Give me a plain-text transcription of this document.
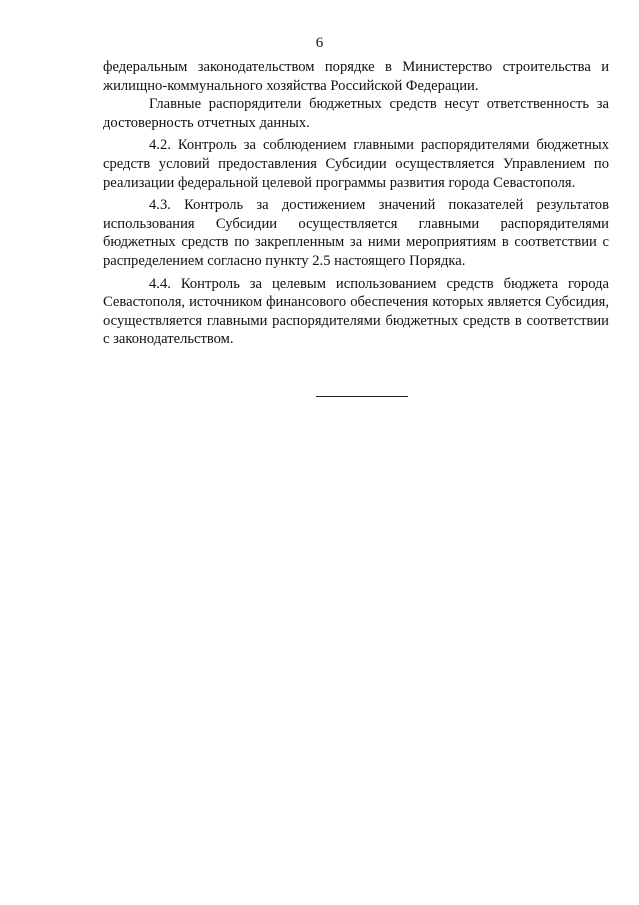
6

федеральным законодательством порядке в Министерство строительства и жилищно-коммунального хозяйства Российской Федерации.

Главные распорядители бюджетных средств несут ответственность за достоверность отчетных данных.

4.2. Контроль за соблюдением главными распорядителями бюджетных средств условий предоставления Субсидии осуществляется Управлением по реализации федеральной целевой программы развития города Севастополя.

4.3. Контроль за достижением значений показателей результатов использования Субсидии осуществляется главными распорядителями бюджетных средств по закрепленным за ними мероприятиям в соответствии с распределением согласно пункту 2.5 настоящего Порядка.

4.4. Контроль за целевым использованием средств бюджета города Севастополя, источником финансового обеспечения которых является Субсидия, осуществляется главными распорядителями бюджетных средств в соответствии с законодательством.
